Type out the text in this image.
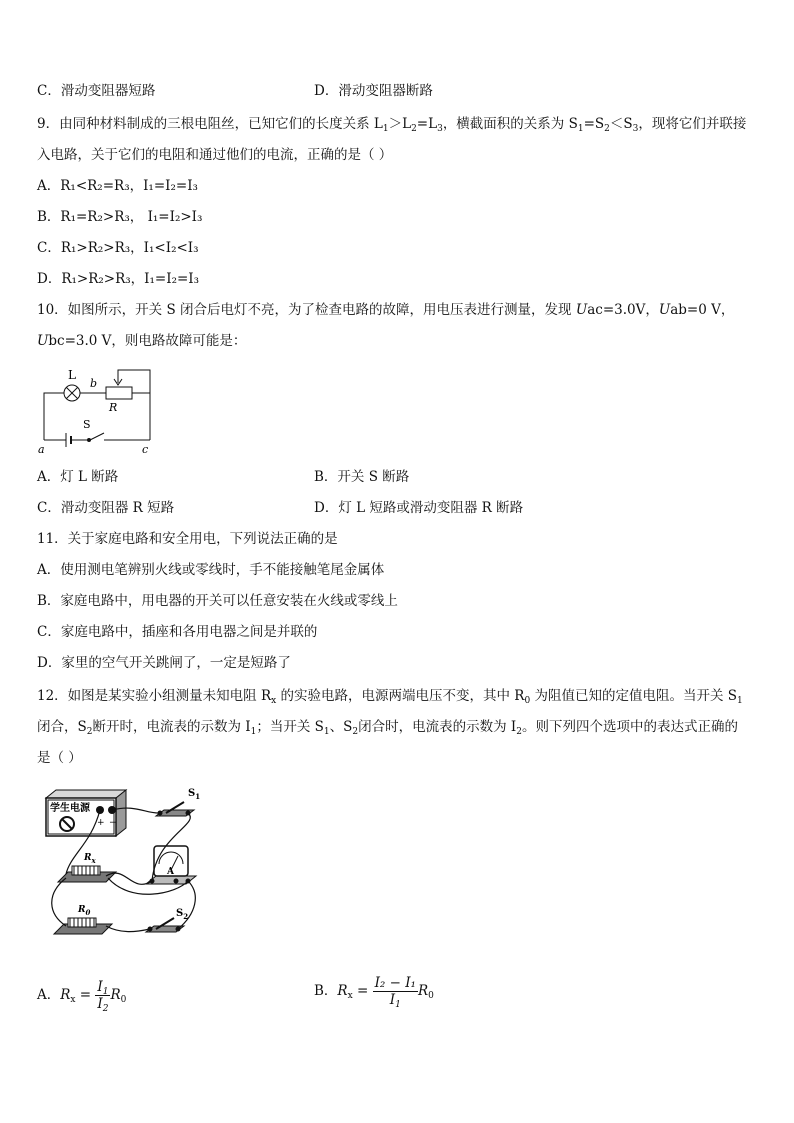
C．滑动变阻器短路	D．滑动变阻器断路
9．由同种材料制成的三根电阻丝，已知它们的长度关系 $L_1>L_2=L_3$，横截面积的关系为 $S_1=S_2<S_3$，现将它们并联接
入电路，关于它们的电阻和通过他们的电流，正确的是（ ）
A．R₁<R₂=R₃，I₁=I₂=I₃
B．R₁=R₂>R₃， I₁=I₂>I₃
C．R₁>R₂>R₃，I₁<I₂<I₃
D．R₁>R₂>R₃，I₁=I₂=I₃
10．如图所示，开关 S 闭合后电灯不亮，为了检查电路的故障，用电压表进行测量，发现 Uac=3.0V，Uab=0 V，
Ubc=3.0 V，则电路故障可能是：
L
b
R
S
a	c
A．灯 L 断路	B．开关 S 断路
C．滑动变阻器 R 短路	D．灯 L 短路或滑动变阻器 R 断路
11．关于家庭电路和安全用电，下列说法正确的是
A．使用测电笔辨别火线或零线时，手不能接触笔尾金属体
B．家庭电路中，用电器的开关可以任意安装在火线或零线上
C．家庭电路中，插座和各用电器之间是并联的
D．家里的空气开关跳闸了，一定是短路了
12．如图是某实验小组测量未知电阻 $R_x$ 的实验电路，电源两端电压不变，其中 $R_0$ 为阻值已知的定值电阻。当开关 $S_1$
闭合，$S_2$断开时，电流表的示数为 $I_1$；当开关 $S_1$、$S_2$闭合时，电流表的示数为 $I_2$。则下列四个选项中的表达式正确的
是（ ）
学生电源
+ −
$S_1$
A
$R_x$
$R_0$	$S_2$
A．$R_x = \frac{I_1}{I_2} R_0$
B．$R_x = \frac{\text{I₂ − I₁}}{I_1} R_0$
